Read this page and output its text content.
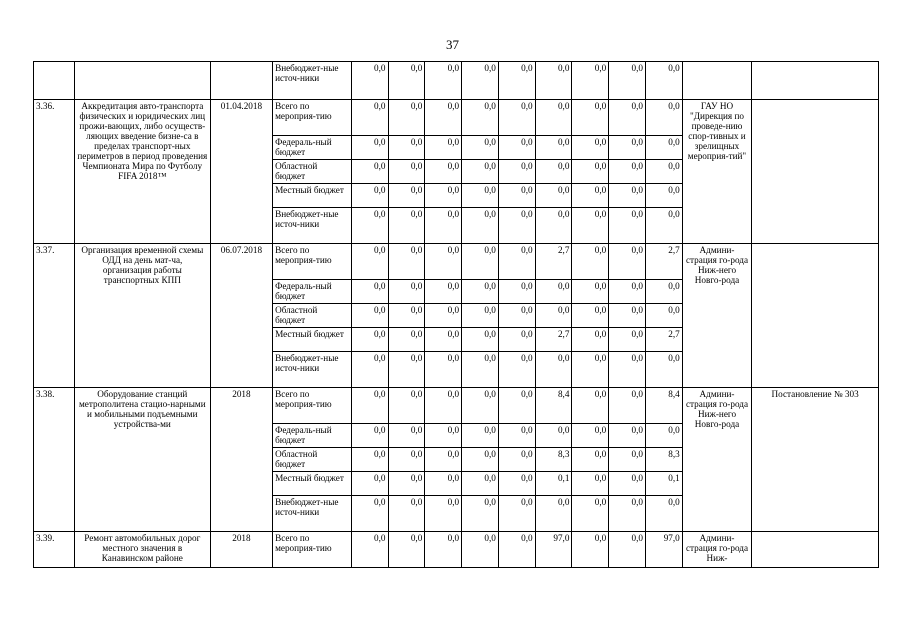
37
			Внебюджет-ные источ-ники	0,0	0,0	0,0	0,0	0,0	0,0	0,0	0,0	0,0		
3.36.	Аккредитация авто-транспорта физических и юридических лиц прожи-вающих, либо осуществ-ляющих введение бизне-са в пределах транспорт-ных периметров в период проведения Чемпионата Мира по Футболу FIFA 2018™	01.04.2018	Всего по мероприя-тию	0,0	0,0	0,0	0,0	0,0	0,0	0,0	0,0	0,0	ГАУ НО "Дирекция по проведе-нию спор-тивных и зрелищных мероприя-тий"	
			Федераль-ный бюджет	0,0	0,0	0,0	0,0	0,0	0,0	0,0	0,0	0,0		
			Областной бюджет	0,0	0,0	0,0	0,0	0,0	0,0	0,0	0,0	0,0		
			Местный бюджет	0,0	0,0	0,0	0,0	0,0	0,0	0,0	0,0	0,0		
			Внебюджет-ные источ-ники	0,0	0,0	0,0	0,0	0,0	0,0	0,0	0,0	0,0		
3.37.	Организация временной схемы ОДД на день мат-ча, организация работы транспортных КПП	06.07.2018	Всего по мероприя-тию	0,0	0,0	0,0	0,0	0,0	2,7	0,0	0,0	2,7	Админи-страция го-рода Ниж-него Новго-рода	
			Федераль-ный бюджет	0,0	0,0	0,0	0,0	0,0	0,0	0,0	0,0	0,0		
			Областной бюджет	0,0	0,0	0,0	0,0	0,0	0,0	0,0	0,0	0,0		
			Местный бюджет	0,0	0,0	0,0	0,0	0,0	2,7	0,0	0,0	2,7		
			Внебюджет-ные источ-ники	0,0	0,0	0,0	0,0	0,0	0,0	0,0	0,0	0,0		
3.38.	Оборудование станций метрополитена стацио-нарными и мобильными подъемными устройства-ми	2018	Всего по мероприя-тию	0,0	0,0	0,0	0,0	0,0	8,4	0,0	0,0	8,4	Админи-страция го-рода Ниж-него Новго-рода	Постановление № 303
			Федераль-ный бюджет	0,0	0,0	0,0	0,0	0,0	0,0	0,0	0,0	0,0		
			Областной бюджет	0,0	0,0	0,0	0,0	0,0	8,3	0,0	0,0	8,3		
			Местный бюджет	0,0	0,0	0,0	0,0	0,0	0,1	0,0	0,0	0,1		
			Внебюджет-ные источ-ники	0,0	0,0	0,0	0,0	0,0	0,0	0,0	0,0	0,0		
3.39.	Ремонт автомобильных дорог местного значения в Канавинском районе	2018	Всего по мероприя-тию	0,0	0,0	0,0	0,0	0,0	97,0	0,0	0,0	97,0	Админи-страция го-рода Ниж-	
